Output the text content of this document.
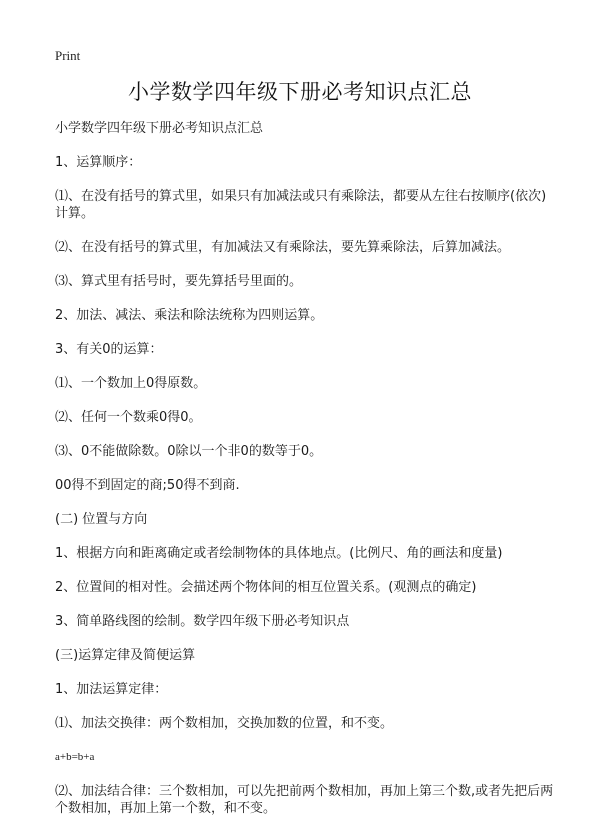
Print
小学数学四年级下册必考知识点汇总
小学数学四年级下册必考知识点汇总
1、运算顺序：
⑴、在没有括号的算式里，如果只有加减法或只有乘除法，都要从左往右按顺序(依次)计算。
⑵、在没有括号的算式里，有加减法又有乘除法，要先算乘除法，后算加减法。
⑶、算式里有括号时，要先算括号里面的。
2、加法、减法、乘法和除法统称为四则运算。
3、有关0的运算：
⑴、一个数加上0得原数。
⑵、任何一个数乘0得0。
⑶、0不能做除数。0除以一个非0的数等于0。
00得不到固定的商;50得不到商.
(二) 位置与方向
1、根据方向和距离确定或者绘制物体的具体地点。(比例尺、角的画法和度量)
2、位置间的相对性。会描述两个物体间的相互位置关系。(观测点的确定)
3、简单路线图的绘制。数学四年级下册必考知识点
(三)运算定律及简便运算
1、加法运算定律：
⑴、加法交换律：两个数相加，交换加数的位置，和不变。
a+b=b+a
⑵、加法结合律：三个数相加，可以先把前两个数相加，再加上第三个数,或者先把后两个数相加，再加上第一个数，和不变。
